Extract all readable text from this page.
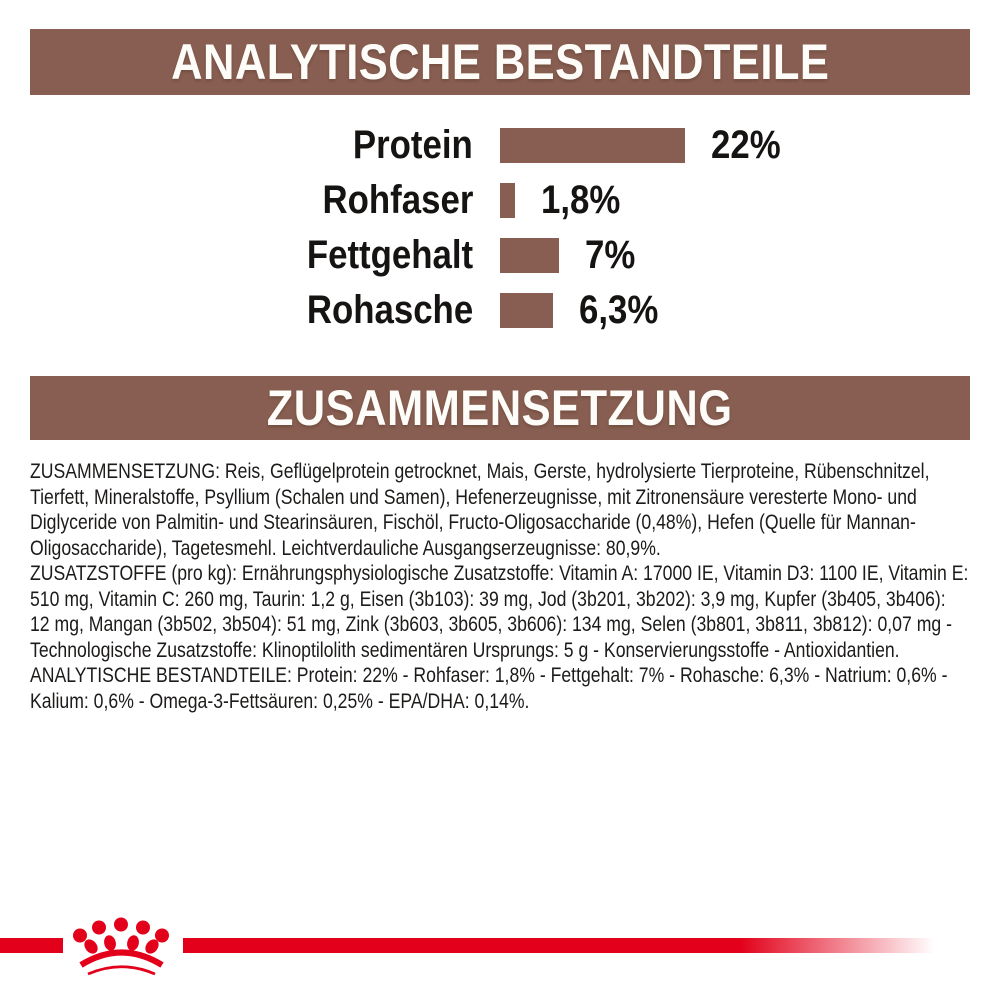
ANALYTISCHE BESTANDTEILE
Protein	22%
Rohfaser 1,8%
Fettgehalt	7%
Rohasche	6,3%
ZUSAMMENSETZUNG

ZUSAMMENSETZUNG: Reis, Geflügelprotein getrocknet, Mais, Gerste, hydrolysierte Tierproteine, Rübenschnitzel, Tierfett, Mineralstoffe, Psyllium (Schalen und Samen), Hefenerzeugnisse, mit Zitronensäure veresterte Mono- und Diglyceride von Palmitin- und Stearinsäuren, Fischöl, Fructo-Oligosaccharide (0,48%), Hefen (Quelle für Mannan-Oligosaccharide), Tagetesmehl. Leichtverdauliche Ausgangserzeugnisse: 80,9%.

ZUSATZSTOFFE (pro kg): Ernährungsphysiologische Zusatzstoffe: Vitamin A: 17000 IE, Vitamin D3: 1100 IE, Vitamin E: 510 mg, Vitamin C: 260 mg, Taurin: 1,2 g, Eisen (3b103): 39 mg, Jod (3b201, 3b202): 3,9 mg, Kupfer (3b405, 3b406): 12 mg, Mangan (3b502, 3b504): 51 mg, Zink (3b603, 3b605, 3b606): 134 mg, Selen (3b801, 3b811, 3b812): 0,07 mg - Technologische Zusatzstoffe: Klinoptilolith sedimentären Ursprungs: 5 g - Konservierungsstoffe - Antioxidantien.

ANALYTISCHE BESTANDTEILE: Protein: 22% - Rohfaser: 1,8% - Fettgehalt: 7% - Rohasche: 6,3% - Natrium: 0,6% - Kalium: 0,6% - Omega-3-Fettsäuren: 0,25% - EPA/DHA: 0,14%.
